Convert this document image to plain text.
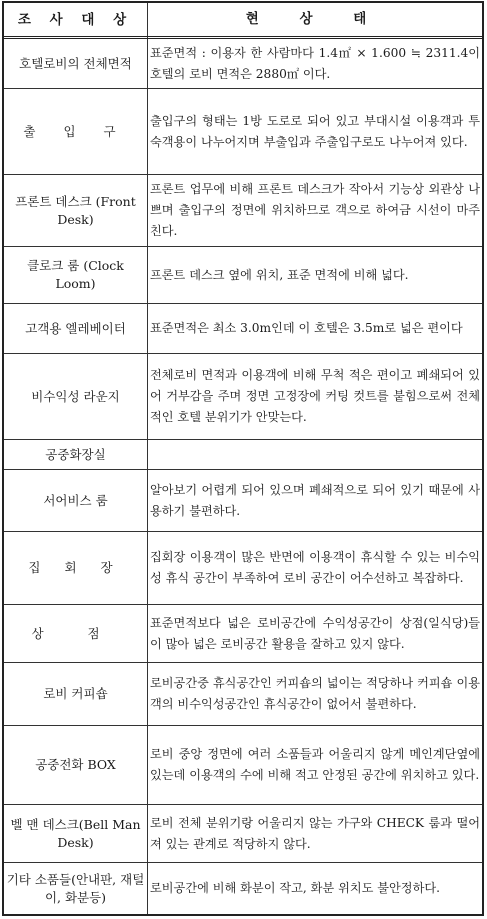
조 사 대 상	현 상 태
호텔로비의 전체면적
표준면적 : 이용자 한 사람마다 1.4㎡ × 1.600 ≒ 2311.4이 호텔의 로비 면적은 2880㎡ 이다.
출 입 구
출입구의 형태는 1방 도로로 되어 있고 부대시설 이용객과 투숙객용이 나누어지며 부출입과 주출입구로도 나누어져 있다.
프론트 데스크 (Front Desk)
프론트 업무에 비해 프론트 데스크가 작아서 기능상 외관상 나쁘며 출입구의 정면에 위치하므로 객으로 하여금 시선이 마주친다.
클로크 룸 (Clock Loom)
프론트 데스크 옆에 위치, 표준 면적에 비해 넓다.
고객용 엘레베이터	표준면적은 최소 3.0m인데 이 호텔은 3.5m로 넓은 편이다
비수익성 라운지
전체로비 면적과 이용객에 비해 무척 적은 편이고 폐쇄되어 있어 거부감을 주며 정면 고정장에 커팅 컷트를 붙힘으로써 전체적인 호텔 분위기가 안맞는다.
공중화장실
서어비스 룸
알아보기 어렵게 되어 있으며 폐쇄적으로 되어 있기 때문에 사용하기 불편하다.
집 회 장
집회장 이용객이 많은 반면에 이용객이 휴식할 수 있는 비수익성 휴식 공간이 부족하여 로비 공간이 어수선하고 복잡하다.
상 점
표준면적보다 넓은 로비공간에 수익성공간이 상점(일식당)들이 많아 넓은 로비공간 활용을 잘하고 있지 않다.
로비 커피숍
로비공간중 휴식공간인 커피숍의 넓이는 적당하나 커피숍 이용객의 비수익성공간인 휴식공간이 없어서 불편하다.
공중전화 BOX
로비 중앙 정면에 여러 소품들과 어울리지 않게 메인계단옆에 있는데 이용객의 수에 비해 적고 안정된 공간에 위치하고 있다.
벨 맨 데스크(Bell Man Desk)
로비 전체 분위기랑 어울리지 않는 가구와 CHECK 룸과 떨어져 있는 관계로 적당하지 않다.
기타 소품들(안내판, 재털이, 화분등)
로비공간에 비해 화분이 작고, 화분 위치도 불안정하다.
